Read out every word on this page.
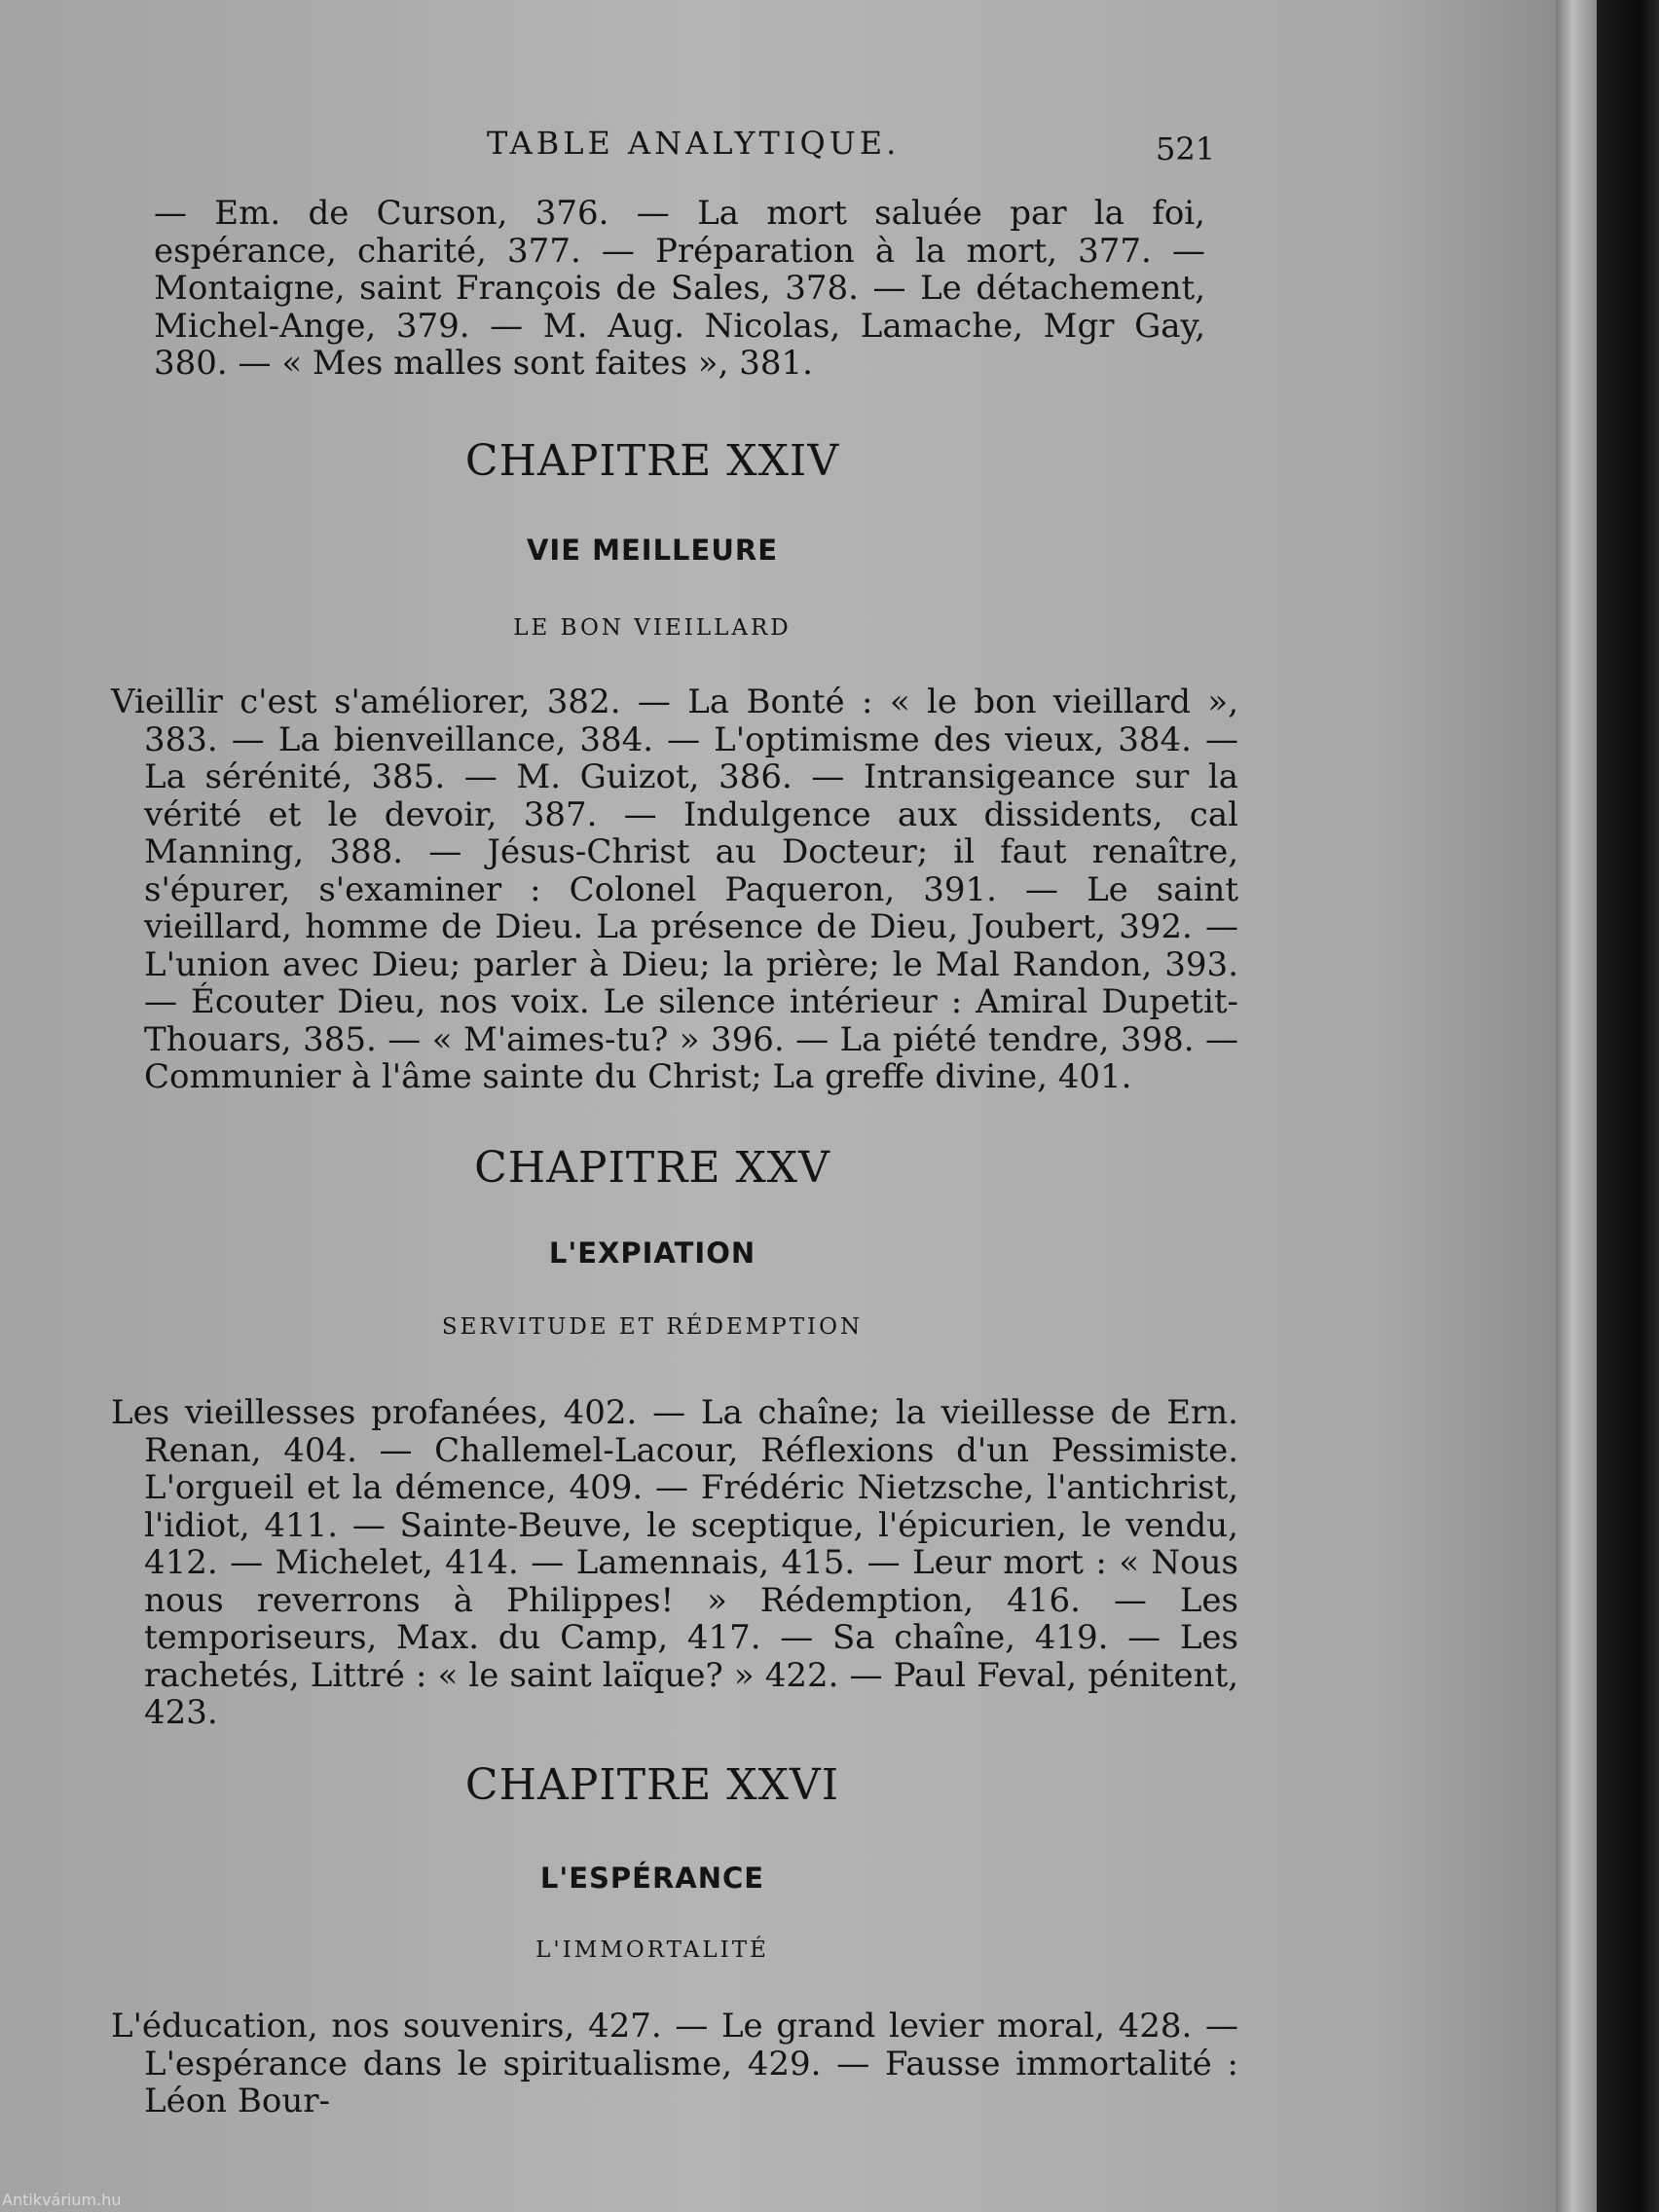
TABLE ANALYTIQUE.	521

— Em. de Curson, 376. — La mort saluée par la foi, espérance, charité, 377. — Préparation à la mort, 377. — Montaigne, saint François de Sales, 378. — Le détachement, Michel-Ange, 379. — M. Aug. Nicolas, Lamache, Mgr Gay, 380. — « Mes malles sont faites », 381.

CHAPITRE XXIV
VIE MEILLEURE
LE BON VIEILLARD

Vieillir c'est s'améliorer, 382. — La Bonté : « le bon vieillard », 383. — La bienveillance, 384. — L'optimisme des vieux, 384. — La sérénité, 385. — M. Guizot, 386. — Intransigeance sur la vérité et le devoir, 387. — Indulgence aux dissidents, cal Manning, 388. — Jésus-Christ au Docteur; il faut renaître, s'épurer, s'examiner : Colonel Paqueron, 391. — Le saint vieillard, homme de Dieu. La présence de Dieu, Joubert, 392. — L'union avec Dieu; parler à Dieu; la prière; le Mal Randon, 393. — Écouter Dieu, nos voix. Le silence intérieur : Amiral Dupetit-Thouars, 385. — « M'aimes-tu? » 396. — La piété tendre, 398. — Communier à l'âme sainte du Christ; La greffe divine, 401.

CHAPITRE XXV
L'EXPIATION
SERVITUDE ET RÉDEMPTION

Les vieillesses profanées, 402. — La chaîne; la vieillesse de Ern. Renan, 404. — Challemel-Lacour, Réflexions d'un Pessimiste. L'orgueil et la démence, 409. — Frédéric Nietzsche, l'antichrist, l'idiot, 411. — Sainte-Beuve, le sceptique, l'épicurien, le vendu, 412. — Michelet, 414. — Lamennais, 415. — Leur mort : « Nous nous reverrons à Philippes! » Rédemption, 416. — Les temporiseurs, Max. du Camp, 417. — Sa chaîne, 419. — Les rachetés, Littré : « le saint laïque? » 422. — Paul Feval, pénitent, 423.

CHAPITRE XXVI
L'ESPÉRANCE
L'IMMORTALITÉ

L'éducation, nos souvenirs, 427. — Le grand levier moral, 428. — L'espérance dans le spiritualisme, 429. — Fausse immortalité : Léon Bour-

Antikvárium.hu
